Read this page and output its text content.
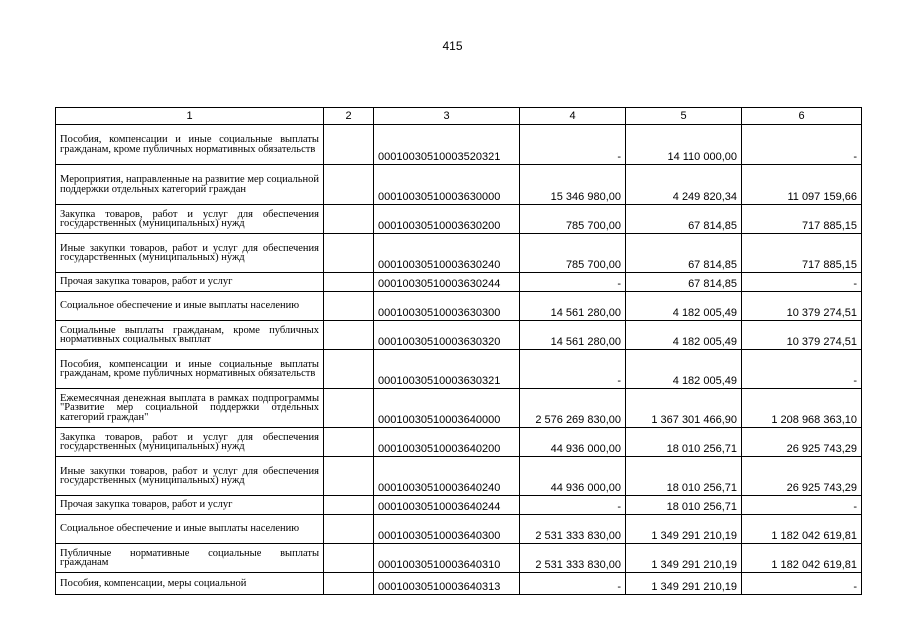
415
1	2	3	4	5	6
Пособия, компенсации и иные социальные выплаты гражданам, кроме публичных нормативных обязательств		00010030510003520321	-	14 110 000,00	-
Мероприятия, направленные на развитие мер социальной поддержки отдельных категорий граждан		00010030510003630000	15 346 980,00	4 249 820,34	11 097 159,66
Закупка товаров, работ и услуг для обеспечения государственных (муниципальных) нужд		00010030510003630200	785 700,00	67 814,85	717 885,15
Иные закупки товаров, работ и услуг для обеспечения государственных (муниципальных) нужд		00010030510003630240	785 700,00	67 814,85	717 885,15
Прочая закупка товаров, работ и услуг		00010030510003630244	-	67 814,85	-
Социальное обеспечение и иные выплаты населению		00010030510003630300	14 561 280,00	4 182 005,49	10 379 274,51
Социальные выплаты гражданам, кроме публичных нормативных социальных выплат		00010030510003630320	14 561 280,00	4 182 005,49	10 379 274,51
Пособия, компенсации и иные социальные выплаты гражданам, кроме публичных нормативных обязательств		00010030510003630321	-	4 182 005,49	-
Ежемесячная денежная выплата в рамках подпрограммы "Развитие мер социальной поддержки отдельных категорий граждан"		00010030510003640000	2 576 269 830,00	1 367 301 466,90	1 208 968 363,10
Закупка товаров, работ и услуг для обеспечения государственных (муниципальных) нужд		00010030510003640200	44 936 000,00	18 010 256,71	26 925 743,29
Иные закупки товаров, работ и услуг для обеспечения государственных (муниципальных) нужд		00010030510003640240	44 936 000,00	18 010 256,71	26 925 743,29
Прочая закупка товаров, работ и услуг		00010030510003640244	-	18 010 256,71	-
Социальное обеспечение и иные выплаты населению		00010030510003640300	2 531 333 830,00	1 349 291 210,19	1 182 042 619,81
Публичные нормативные социальные выплаты гражданам		00010030510003640310	2 531 333 830,00	1 349 291 210,19	1 182 042 619,81
Пособия, компенсации, меры социальной		00010030510003640313	-	1 349 291 210,19	-
